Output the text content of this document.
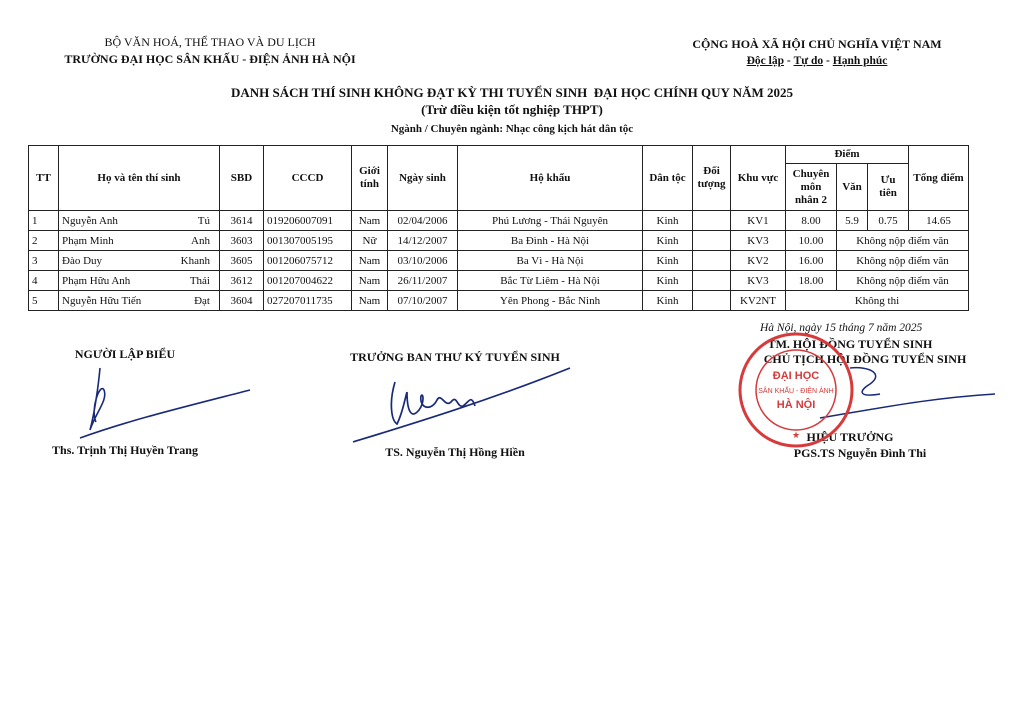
BỘ VĂN HOÁ, THỂ THAO VÀ DU LỊCH
TRƯỜNG ĐẠI HỌC SÂN KHẤU - ĐIỆN ẢNH HÀ NỘI
CỘNG HOÀ XÃ HỘI CHỦ NGHĨA VIỆT NAM
Độc lập - Tự do - Hạnh phúc
DANH SÁCH THÍ SINH KHÔNG ĐẠT KỲ THI TUYỂN SINH  ĐẠI HỌC CHÍNH QUY NĂM 2025
(Trừ điều kiện tốt nghiệp THPT)
Ngành / Chuyên ngành: Nhạc công kịch hát dân tộc
TT	Họ và tên thí sinh	SBD	CCCD	Giới tính	Ngày sinh	Hộ khẩu	Dân tộc	Đối tượng	Khu vực	Điểm			Tổng điểm
										Chuyên môn nhân 2	Văn	Ưu tiên	
1	Nguyễn Anh Tú	3614	019206007091	Nam	02/04/2006	Phú Lương - Thái Nguyên	Kinh		KV1	8.00	5.9	0.75	14.65
2	Phạm Minh Anh	3603	001307005195	Nữ	14/12/2007	Ba Đình - Hà Nội	Kinh		KV3	10.00	Không nộp điểm văn		
3	Đào Duy Khanh	3605	001206075712	Nam	03/10/2006	Ba Vì - Hà Nội	Kinh		KV2	16.00	Không nộp điểm văn		
4	Phạm Hữu Anh Thái	3612	001207004622	Nam	26/11/2007	Bắc Từ Liêm - Hà Nội	Kinh		KV3	18.00	Không nộp điểm văn		
5	Nguyễn Hữu Tiến Đạt	3604	027207011735	Nam	07/10/2007	Yên Phong - Bắc Ninh	Kinh		KV2NT	Không thi			
NGƯỜI LẬP BIỂU
Ths. Trịnh Thị Huyền Trang
TRƯỞNG BAN THƯ KÝ TUYỂN SINH
TS. Nguyễn Thị Hồng Hiền
Hà Nội, ngày 15 tháng 7 năm 2025
TM. HỘI ĐỒNG TUYỂN SINH
CHỦ TỊCH HỘI ĐỒNG TUYỂN SINH
HIỆU TRƯỞNG
PGS.TS Nguyễn Đình Thi
ĐẠI HỌC
SÂN KHẤU - ĐIỆN ẢNH
HÀ NỘI
★
